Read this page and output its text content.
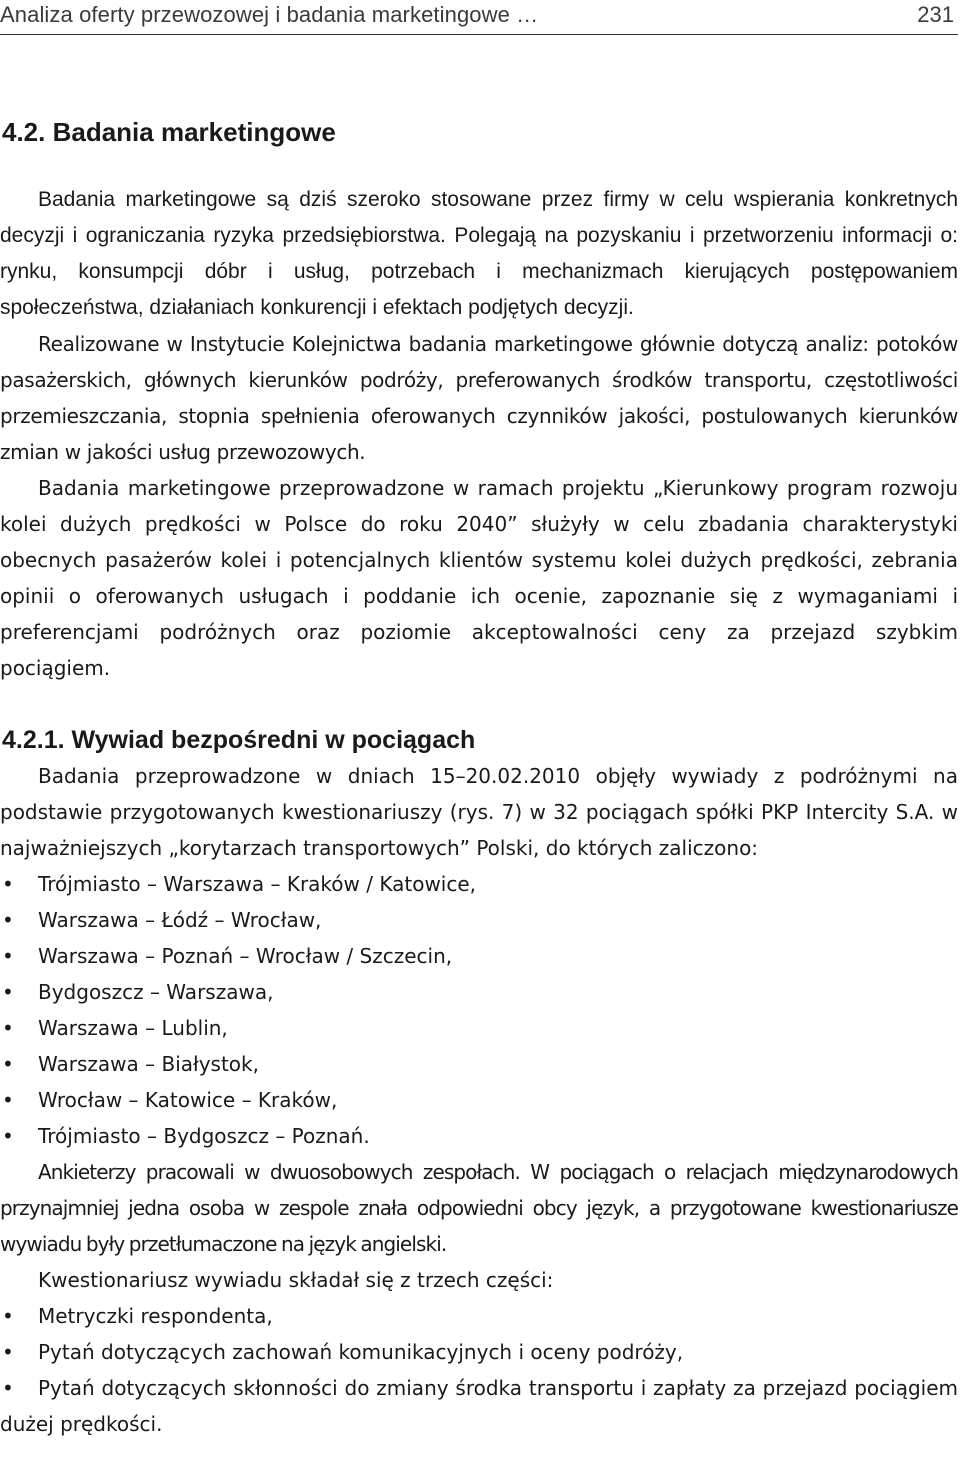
Analiza oferty przewozowej i badania marketingowe …	231
4.2. Badania marketingowe

Badania marketingowe są dziś szeroko stosowane przez firmy w celu wspierania konkretnych decyzji i ograniczania ryzyka przedsiębiorstwa. Polegają na pozyskaniu i przetworzeniu informacji o: rynku, konsumpcji dóbr i usług, potrzebach i mechanizmach kierujących postępowaniem społeczeństwa, działaniach konkurencji i efektach podjętych decyzji.

Realizowane w Instytucie Kolejnictwa badania marketingowe głównie dotyczą analiz: potoków pasażerskich, głównych kierunków podróży, preferowanych środków transportu, częstotliwości przemieszczania, stopnia spełnienia oferowanych czynników jakości, postulowanych kierunków zmian w jakości usług przewozowych.

Badania marketingowe przeprowadzone w ramach projektu „Kierunkowy program rozwoju kolei dużych prędkości w Polsce do roku 2040” służyły w celu zbadania charakterystyki obecnych pasażerów kolei i potencjalnych klientów systemu kolei dużych prędkości, zebrania opinii o oferowanych usługach i poddanie ich ocenie, zapoznanie się z wymaganiami i preferencjami podróżnych oraz poziomie akceptowalności ceny za przejazd szybkim pociągiem.

4.2.1. Wywiad bezpośredni w pociągach

Badania przeprowadzone w dniach 15–20.02.2010 objęły wywiady z podróżnymi na podstawie przygotowanych kwestionariuszy (rys. 7) w 32 pociągach spółki PKP Intercity S.A. w najważniejszych „korytarzach transportowych” Polski, do których zaliczono:

• Trójmiasto – Warszawa – Kraków / Katowice,
• Warszawa – Łódź – Wrocław,
• Warszawa – Poznań – Wrocław / Szczecin,
• Bydgoszcz – Warszawa,
• Warszawa – Lublin,
• Warszawa – Białystok,
• Wrocław – Katowice – Kraków,
• Trójmiasto – Bydgoszcz – Poznań.

Ankieterzy pracowali w dwuosobowych zespołach. W pociągach o relacjach międzynarodowych przynajmniej jedna osoba w zespole znała odpowiedni obcy język, a przygotowane kwestionariusze wywiadu były przetłumaczone na język angielski.

Kwestionariusz wywiadu składał się z trzech części:

• Metryczki respondenta,
• Pytań dotyczących zachowań komunikacyjnych i oceny podróży,
• Pytań dotyczących skłonności do zmiany środka transportu i zapłaty za przejazd pociągiem dużej prędkości.
